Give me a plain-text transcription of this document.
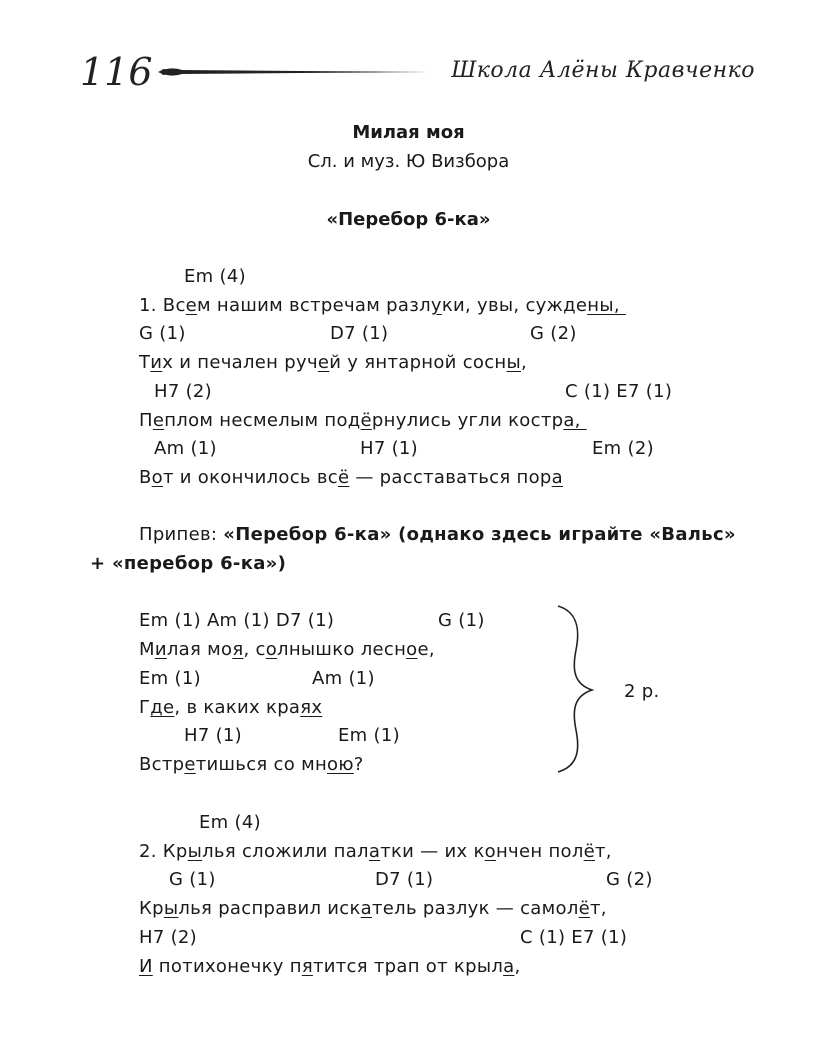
116	Школа Алёны Кравченко
Милая моя
Сл. и муз. Ю Визбора
«Перебор 6-ка»
Em (4)
1. Всем нашим встречам разлуки, увы, суждены,
G (1)	D7 (1)	G (2)
Тих и печален ручей у янтарной сосны,
H7 (2)	C (1) E7 (1)
Пеплом несмелым подёрнулись угли костра,
Am (1)	H7 (1)	Em (2)
Вот и окончилось всё — расставаться пора
Припев: «Перебор 6-ка» (однако здесь играйте «Вальс»
+ «перебор 6-ка»)
Em (1) Am (1) D7 (1)	G (1)
Милая моя, солнышко лесное,
Em (1)	Am (1)
Где, в каких краях
H7 (1)	Em (1)
Встретишься со мною?
2 р.
Em (4)
2. Крылья сложили палатки — их кончен полёт,
G (1)	D7 (1)	G (2)
Крылья расправил искатель разлук — самолёт,
H7 (2)	C (1) E7 (1)
И потихонечку пятится трап от крыла,
